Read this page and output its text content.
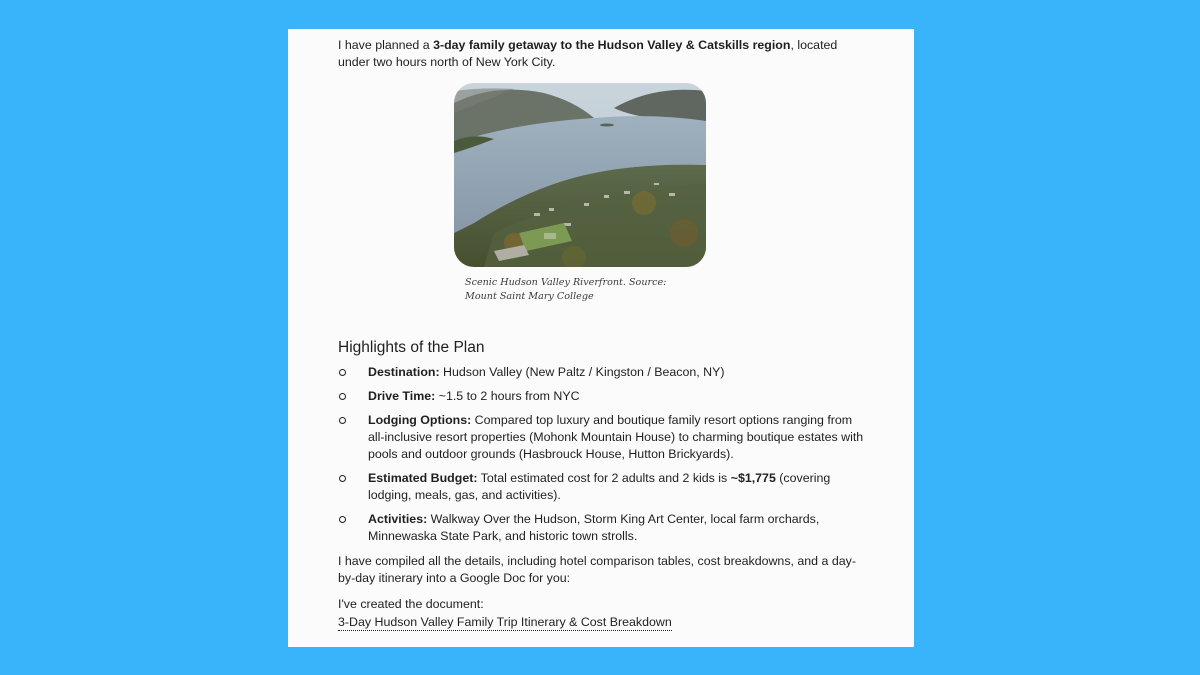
I have planned a 3-day family getaway to the Hudson Valley & Catskills region, located under two hours north of New York City.

Scenic Hudson Valley Riverfront. Source: Mount Saint Mary College

Highlights of the Plan
Destination: Hudson Valley (New Paltz / Kingston / Beacon, NY)
Drive Time: ~1.5 to 2 hours from NYC
Lodging Options: Compared top luxury and boutique family resort options ranging from all-inclusive resort properties (Mohonk Mountain House) to charming boutique estates with pools and outdoor grounds (Hasbrouck House, Hutton Brickyards).
Estimated Budget: Total estimated cost for 2 adults and 2 kids is ~$1,775 (covering lodging, meals, gas, and activities).
Activities: Walkway Over the Hudson, Storm King Art Center, local farm orchards, Minnewaska State Park, and historic town strolls.

I have compiled all the details, including hotel comparison tables, cost breakdowns, and a day-by-day itinerary into a Google Doc for you:

I've created the document:

3-Day Hudson Valley Family Trip Itinerary & Cost Breakdown
